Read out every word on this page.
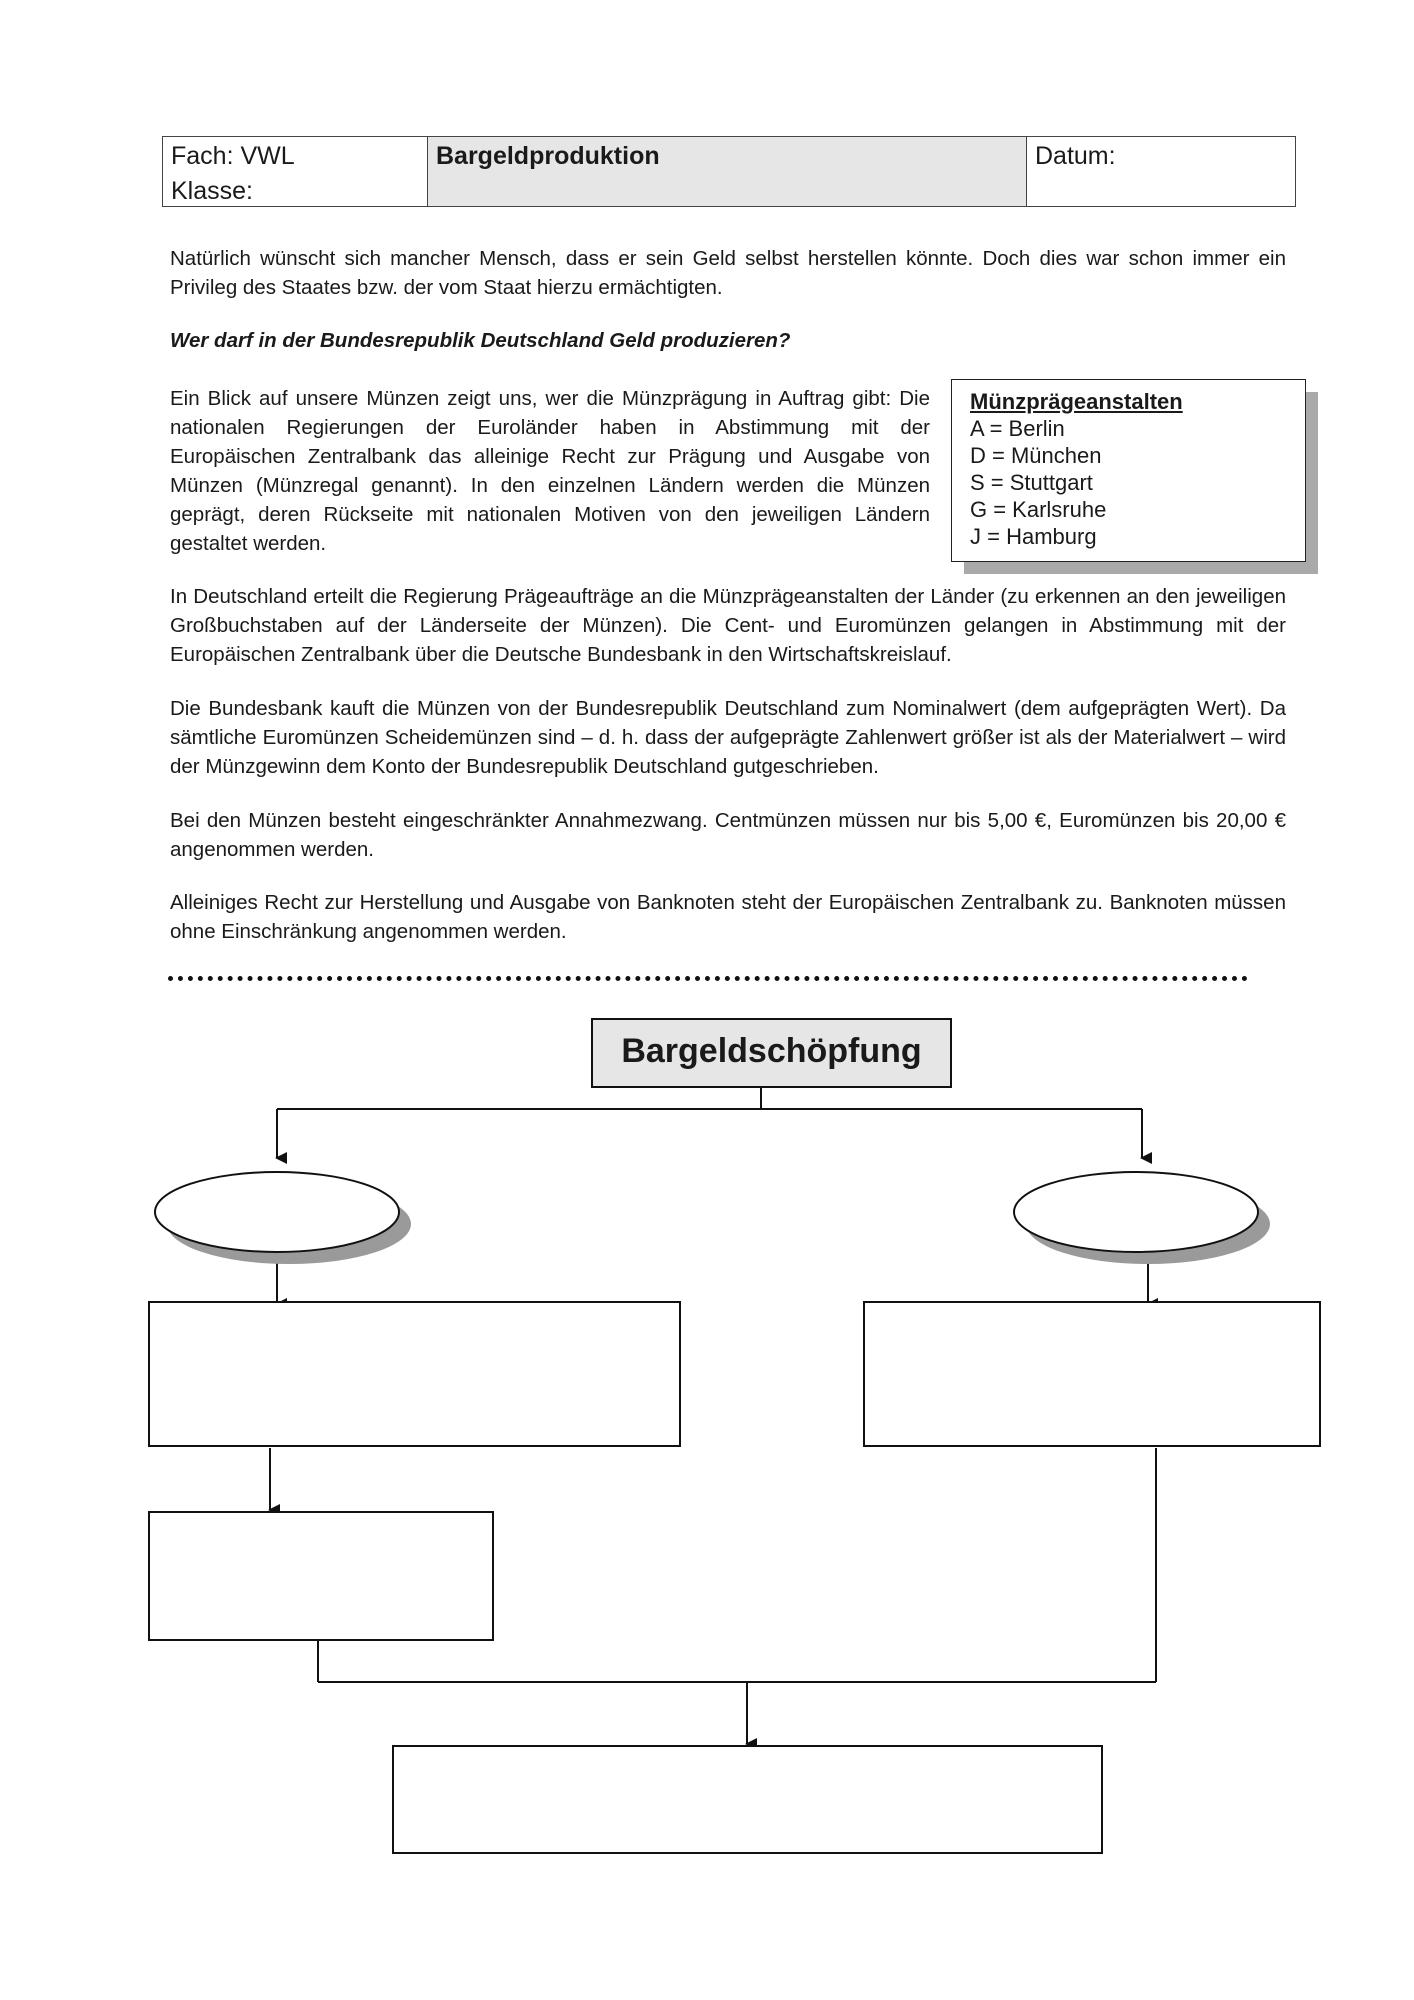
Fach: VWL
Klasse:
Bargeldproduktion	Datum:

Natürlich wünscht sich mancher Mensch, dass er sein Geld selbst herstellen könnte. Doch dies war schon immer ein Privileg des Staates bzw. der vom Staat hierzu ermächtigten.

Wer darf in der Bundesrepublik Deutschland Geld produzieren?

Ein Blick auf unsere Münzen zeigt uns, wer die Münzprägung in Auftrag gibt: Die nationalen Regierungen der Euroländer haben in Abstimmung mit der Europäischen Zentralbank das alleinige Recht zur Prägung und Ausgabe von Münzen (Münzregal genannt). In den einzelnen Ländern werden die Münzen geprägt, deren Rückseite mit nationalen Motiven von den jeweiligen Ländern gestaltet werden.

Münzprägeanstalten
A = Berlin
D = München
S = Stuttgart
G = Karlsruhe
J = Hamburg

In Deutschland erteilt die Regierung Prägeaufträge an die Münzprägeanstalten der Länder (zu erkennen an den jeweiligen Großbuchstaben auf der Länderseite der Münzen). Die Cent- und Euromünzen gelangen in Abstimmung mit der Europäischen Zentralbank über die Deutsche Bundesbank in den Wirtschaftskreislauf.

Die Bundesbank kauft die Münzen von der Bundesrepublik Deutschland zum Nominalwert (dem aufgeprägten Wert). Da sämtliche Euromünzen Scheidemünzen sind – d. h. dass der aufgeprägte Zahlenwert größer ist als der Materialwert – wird der Münzgewinn dem Konto der Bundesrepublik Deutschland gutgeschrieben.

Bei den Münzen besteht eingeschränkter Annahmezwang. Centmünzen müssen nur bis 5,00 €, Euromünzen bis 20,00 € angenommen werden.

Alleiniges Recht zur Herstellung und Ausgabe von Banknoten steht der Europäischen Zentralbank zu. Banknoten müssen ohne Einschränkung angenommen werden.

Bargeldschöpfung
